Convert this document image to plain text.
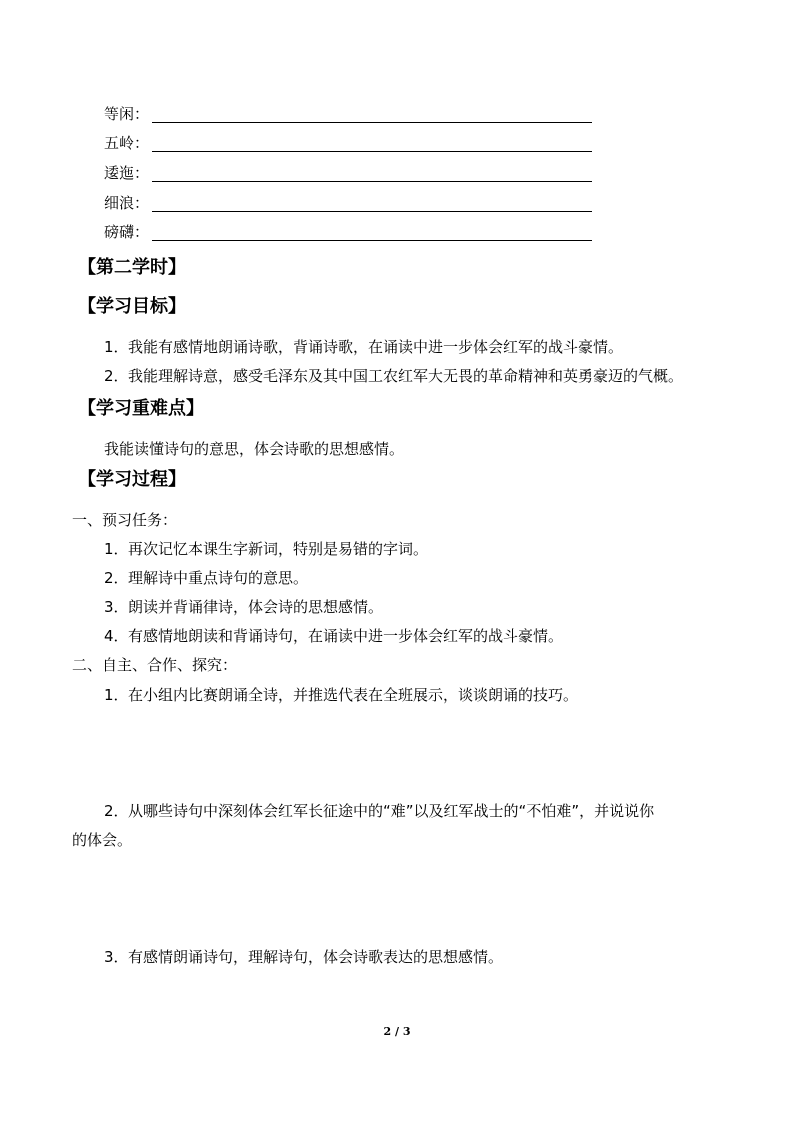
等闲：
五岭：
逶迤：
细浪：
磅礴：
【第二学时】
【学习目标】
1．我能有感情地朗诵诗歌，背诵诗歌，在诵读中进一步体会红军的战斗豪情。
2．我能理解诗意，感受毛泽东及其中国工农红军大无畏的革命精神和英勇豪迈的气概。
【学习重难点】
我能读懂诗句的意思，体会诗歌的思想感情。
【学习过程】
一、预习任务：
1．再次记忆本课生字新词，特别是易错的字词。
2．理解诗中重点诗句的意思。
3．朗读并背诵律诗，体会诗的思想感情。
4．有感情地朗读和背诵诗句，在诵读中进一步体会红军的战斗豪情。
二、自主、合作、探究：
1．在小组内比赛朗诵全诗，并推选代表在全班展示，谈谈朗诵的技巧。
2．从哪些诗句中深刻体会红军长征途中的“难”以及红军战士的“不怕难”，并说说你
的体会。
3．有感情朗诵诗句，理解诗句，体会诗歌表达的思想感情。
2 / 3
